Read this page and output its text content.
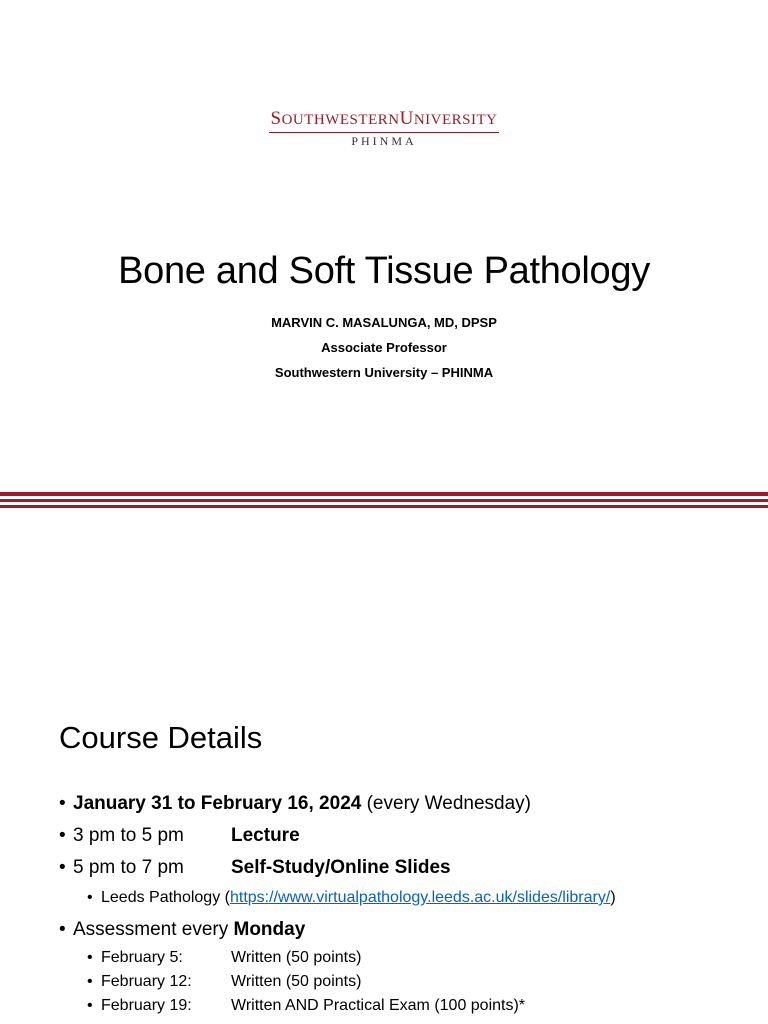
SOUTHWESTERNUNIVERSITY
PHINMA
Bone and Soft Tissue Pathology
MARVIN C. MASALUNGA, MD, DPSP
Associate Professor
Southwestern University – PHINMA
Course Details
• January 31 to February 16, 2024 (every Wednesday)
• 3 pm to 5 pm Lecture
• 5 pm to 7 pm Self-Study/Online Slides
• Leeds Pathology (https://www.virtualpathology.leeds.ac.uk/slides/library/)
• Assessment every Monday
• February 5:	Written (50 points)
• February 12: Written (50 points)
• February 19: Written AND Practical Exam (100 points)*
